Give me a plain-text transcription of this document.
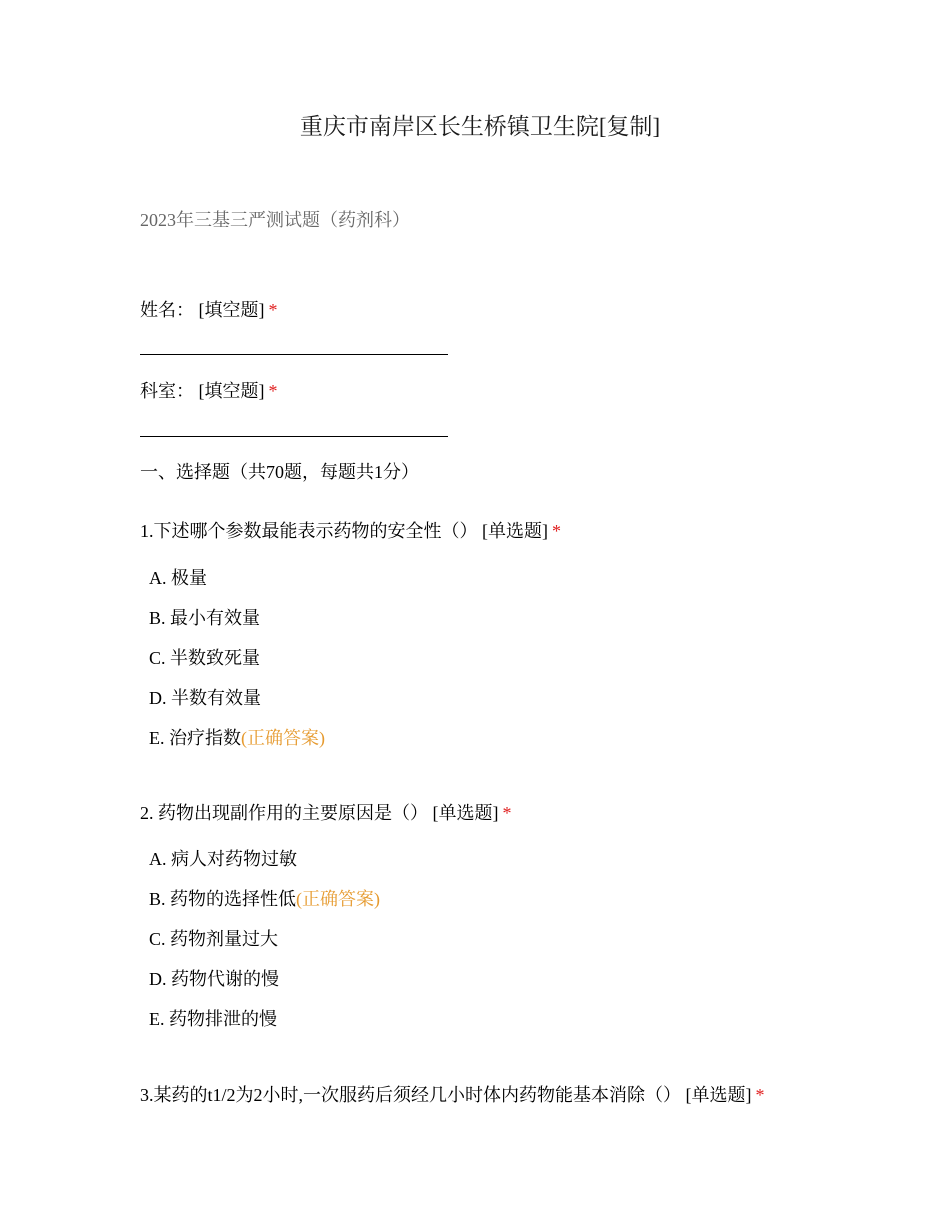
重庆市南岸区长生桥镇卫生院[复制]
2023年三基三严测试题（药剂科）
姓名： [填空题] *
科室： [填空题] *
一、选择题（共70题，每题共1分）
1.下述哪个参数最能表示药物的安全性（） [单选题] *
A. 极量
B. 最小有效量
C. 半数致死量
D. 半数有效量
E. 治疗指数(正确答案)
2. 药物出现副作用的主要原因是（） [单选题] *
A. 病人对药物过敏
B. 药物的选择性低(正确答案)
C. 药物剂量过大
D. 药物代谢的慢
E. 药物排泄的慢
3.某药的t1/2为2小时,一次服药后须经几小时体内药物能基本消除（） [单选题] *
